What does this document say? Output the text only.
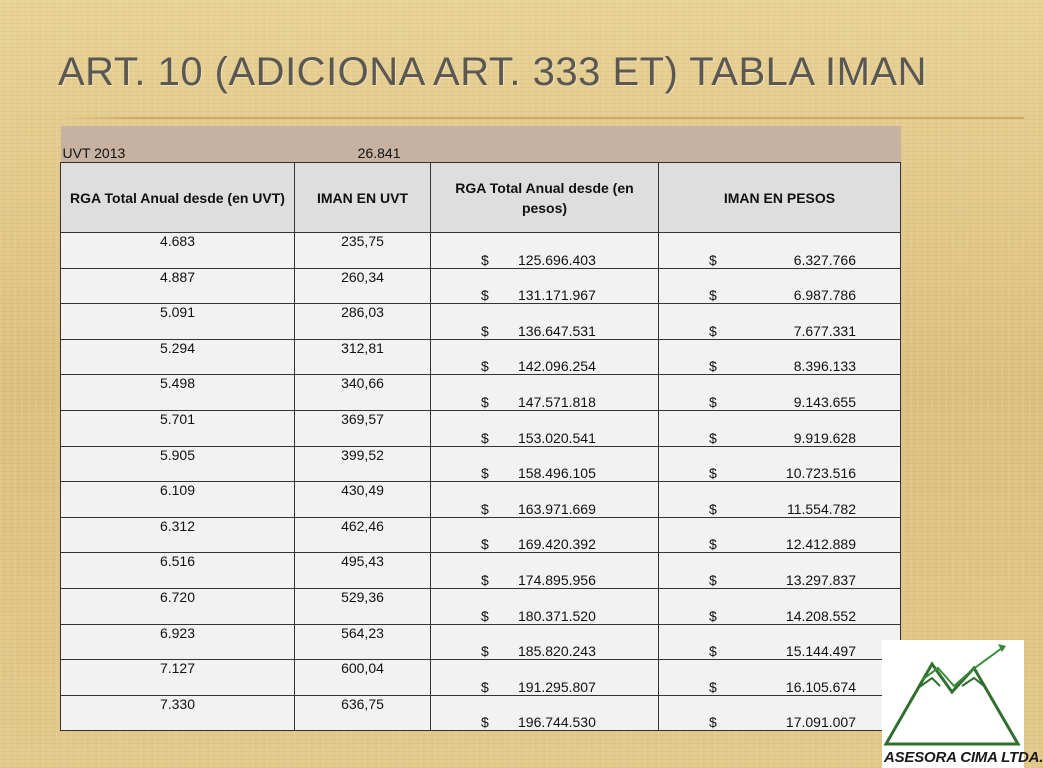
ART. 10 (ADICIONA ART. 333 ET) TABLA IMAN
UVT 2013	26.841		
RGA Total Anual desde (en UVT)	IMAN EN UVT	RGA Total Anual desde (en pesos)	IMAN EN PESOS
4.683	235,75	$ 125.696.403	$ 6.327.766

4.887	260,34	$ 131.171.967	$ 6.987.786

5.091	286,03	$ 136.647.531	$ 7.677.331

5.294	312,81	$ 142.096.254	$ 8.396.133

5.498	340,66	$ 147.571.818	$ 9.143.655

5.701	369,57	$ 153.020.541	$ 9.919.628

5.905	399,52	$ 158.496.105	$ 10.723.516

6.109	430,49	$ 163.971.669	$ 11.554.782

6.312	462,46	$ 169.420.392	$ 12.412.889

6.516	495,43	$ 174.895.956	$ 13.297.837

6.720	529,36	$ 180.371.520	$ 14.208.552

6.923	564,23	$ 185.820.243	$ 15.144.497

7.127	600,04	$ 191.295.807	$ 16.105.674

7.330	636,75	$ 196.744.530	$ 17.091.007
ASESORA CIMA LTDA.
